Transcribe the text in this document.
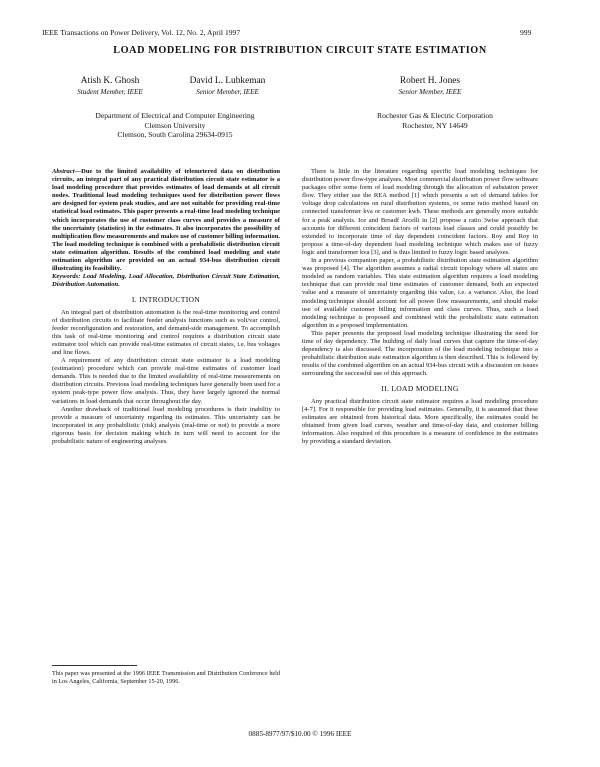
IEEE Transactions on Power Delivery, Vol. 12, No. 2, April 1997	999
LOAD MODELING FOR DISTRIBUTION CIRCUIT STATE ESTIMATION
Atish K. Ghosh
Student Member, IEEE
David L. Lubkeman
Senior Member, IEEE
Robert H. Jones
Senior Member, IEEE
Department of Electrical and Computer Engineering
Clemson University
Clemson, South Carolina 29634-0915
Rochester Gas & Electric Corporation
Rochester, NY 14649

Abstract—Due to the limited availability of telemetered data on distribution circuits, an integral part of any practical distribution circuit state estimator is a load modeling procedure that provides estimates of load demands at all circuit nodes. Traditional load modeling techniques used for distribution power flows are designed for system peak studies, and are not suitable for providing real-time statistical load estimates. This paper presents a real-time load modeling technique which incorporates the use of customer class curves and provides a measure of the uncertainty (statistics) in the estimates. It also incorporates the possibility of multiplication flow measurements and makes use of customer billing information. The load modeling technique is combined with a probabilistic distribution circuit state estimation algorithm. Results of the combined load modeling and state estimation algorithm are provided on an actual 934-bus distribution circuit illustrating its feasibility.

Keywords: Load Modeling, Load Allocation, Distribution Circuit State Estimation, Distribution Automation.

I. INTRODUCTION

An integral part of distribution automation is the real-time monitoring and control of distribution circuits to facilitate feeder analysis functions such as volt/var control, feeder reconfiguration and restoration, and demand-side management. To accomplish this task of real-time monitoring and control requires a distribution circuit state estimator tool which can provide real-time estimates of circuit states, i.e. bus voltages and line flows.

A requirement of any distribution circuit state estimator is a load modeling (estimation) procedure which can provide real-time estimates of customer load demands. This is needed due to the limited availability of real-time measurements on distribution circuits. Previous load modeling techniques have generally been used for a system peak-type power flow analysis. Thus, they have largely ignored the normal variations in load demands that occur throughout the day.

Another drawback of traditional load modeling procedures is their inability to provide a measure of uncertainty regarding its estimates. This uncertainty can be incorporated in any probabilistic (risk) analysis (real-time or not) to provide a more rigorous basis for decision making which in turn will need to account for the probabilistic nature of engineering analyses.

This paper was presented at the 1996 IEEE Transmission and Distribution Conference held in Los Angeles, California, September 15-20, 1996.

There is little in the literature regarding specific load modeling techniques for distribution power flow-type analyses. Most commercial distribution power flow software packages offer some form of load modeling through the allocation of substation power flow. They either use the REA method [1] which presents a set of demand tables for voltage drop calculations on rural distribution systems, or some ratio method based on connected transformer kva or customer kwh. These methods are generally more suitable for a peak analysis. Ice and Broadf Arcelli in [2] propose a ratio 3wise approach that accounts for different coincident factors of various load classes and could possibly be extended to incorporate time of day dependent coincident factors. Roy and Roy in propose a time-of-day dependent load modeling technique which makes use of fuzzy logic and transformer kva [3], and is thus limited to fuzzy logic based analyses.

In a previous companion paper, a probabilistic distribution state estimation algorithm was proposed [4]. The algorithm assumes a radial circuit topology where all states are modeled as random variables. This state estimation algorithm requires a load modeling technique that can provide real time estimates of customer demand, both an expected value and a measure of uncertainty regarding this value, i.e. a variance. Also, the load modeling technique should account for all power flow measurements, and should make use of available customer billing information and class curves. Thus, such a load modeling technique is proposed and combined with the probabilistic state estimation algorithm in a proposed implementation.

This paper presents the proposed load modeling technique illustrating the need for time of day dependency. The building of daily load curves that capture the time-of-day dependency is also discussed. The incorporation of the load modeling technique into a probabilistic distribution state estimation algorithm is then described. This is followed by results of the combined algorithm on an actual 934-bus circuit with a discussion on issues surrounding the successful use of this approach.

II. LOAD MODELING

Any practical distribution circuit state estimator requires a load modeling procedure [4-7]. For it responsible for providing load estimates. Generally, it is assumed that these estimates are obtained from historical data. More specifically, the estimates could be obtained from given load curves, weather and time-of-day data, and customer billing information. Also required of this procedure is a measure of confidence in the estimates by providing a standard deviation.

0885-8977/97/$10.00 © 1996 IEEE
